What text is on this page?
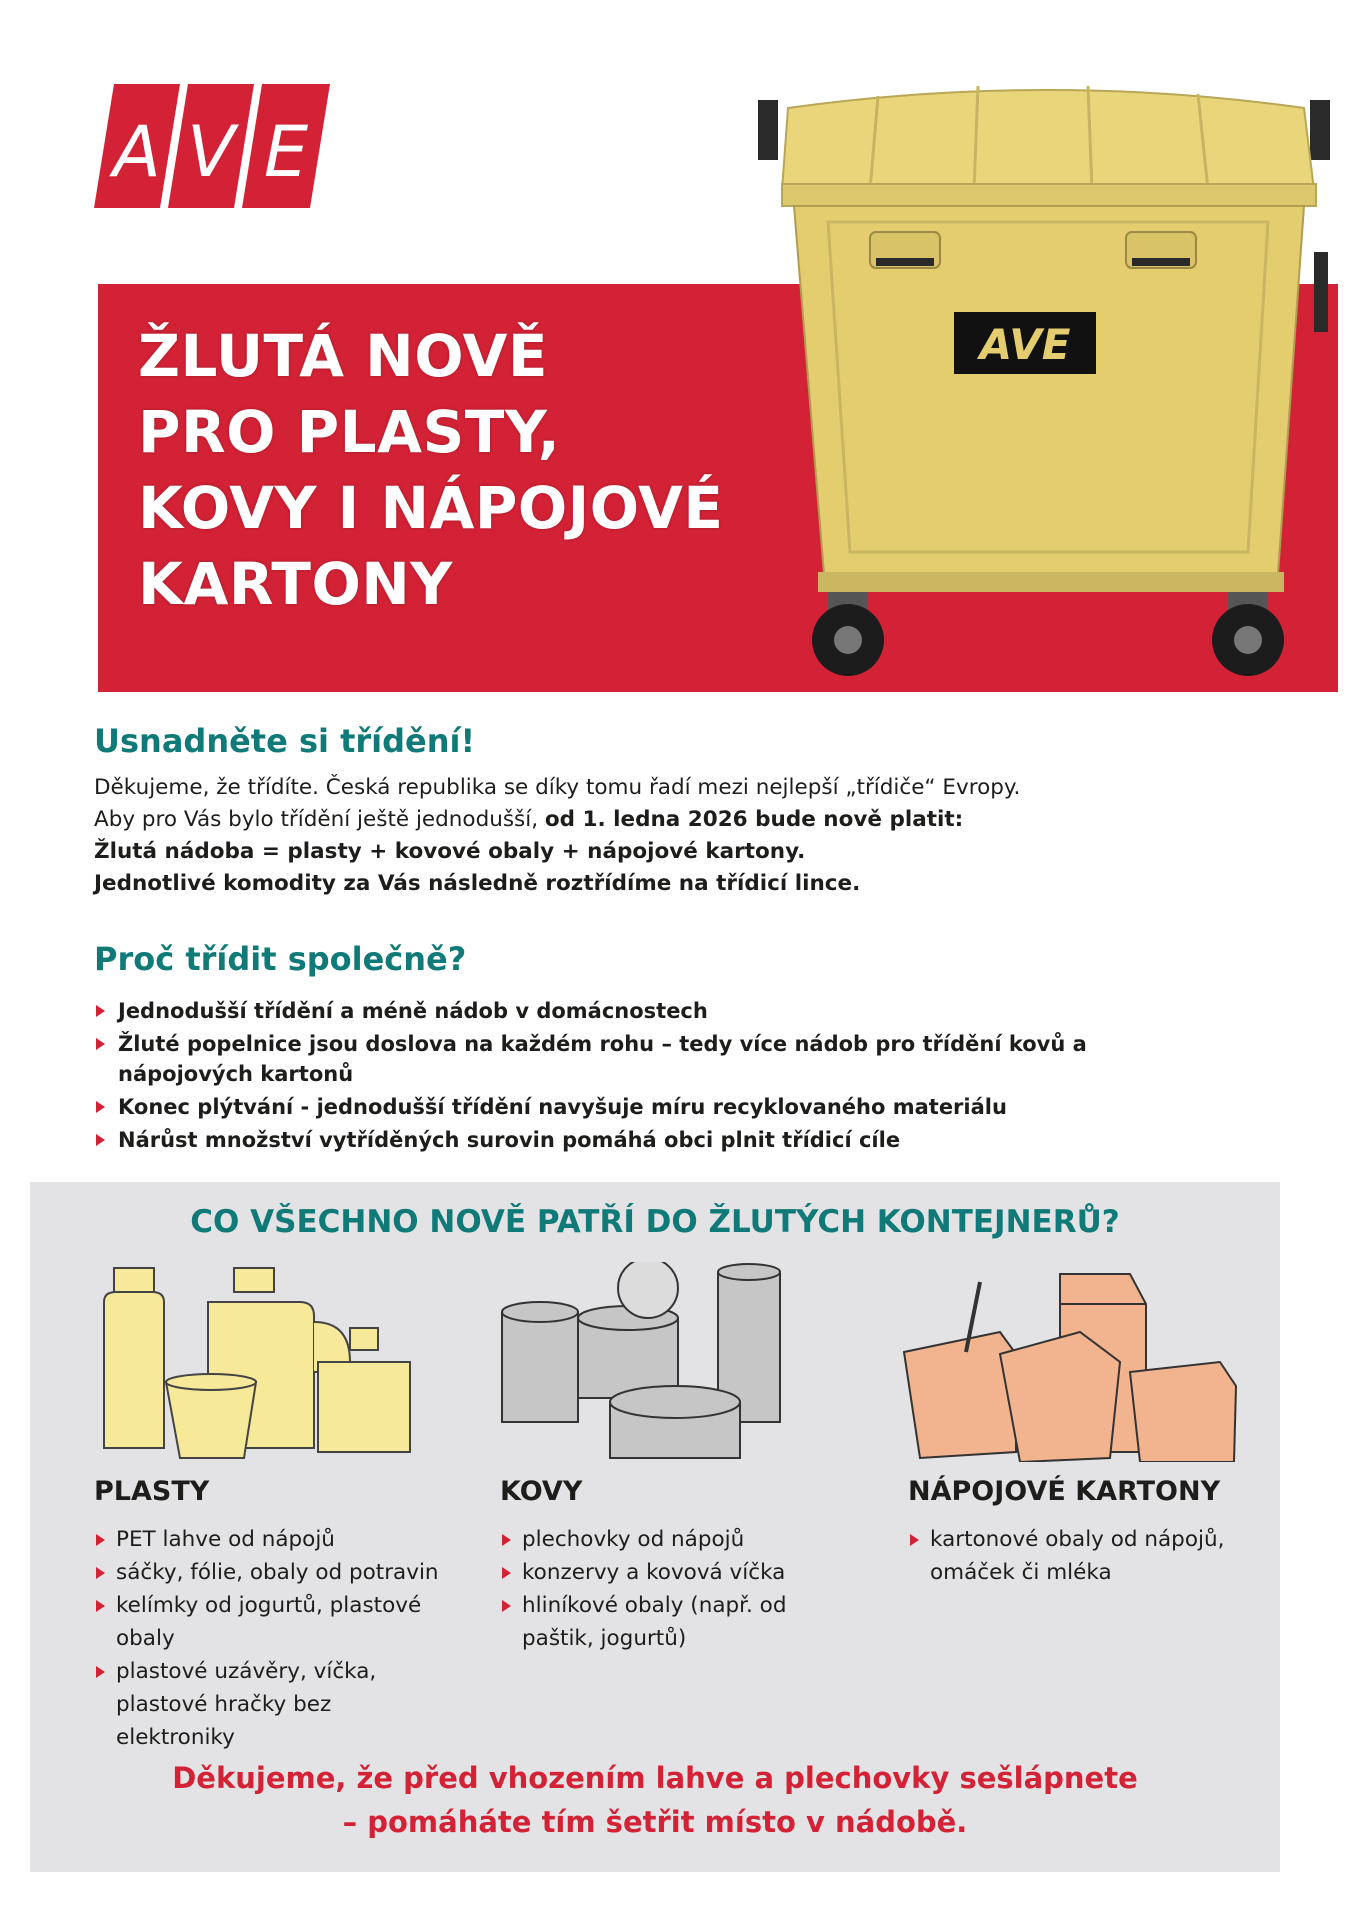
A V E
ŽLUTÁ NOVĚ
PRO PLASTY,
KOVY I NÁPOJOVÉ
KARTONY
AVE
Usnadněte si třídění!

Děkujeme, že třídíte. Česká republika se díky tomu řadí mezi nejlepší „třídiče“ Evropy.

Aby pro Vás bylo třídění ještě jednodušší, od 1. ledna 2026 bude nově platit:

Žlutá nádoba = plasty + kovové obaly + nápojové kartony.

Jednotlivé komodity za Vás následně roztřídíme na třídicí lince.

Proč třídit společně?
Jednodušší třídění a méně nádob v domácnostech
Žluté popelnice jsou doslova na každém rohu – tedy více nádob pro třídění kovů a nápojových kartonů
Konec plýtvání - jednodušší třídění navyšuje míru recyklovaného materiálu
Nárůst množství vytříděných surovin pomáhá obci plnit třídicí cíle
CO VŠECHNO NOVĚ PATŘÍ DO ŽLUTÝCH KONTEJNERŮ?
PLASTY
PET lahve od nápojů
sáčky, fólie, obaly od potravin
kelímky od jogurtů, plastové obaly
plastové uzávěry, víčka, plastové hračky bez elektroniky
KOVY
plechovky od nápojů
konzervy a kovová víčka
hliníkové obaly (např. od paštik, jogurtů)
NÁPOJOVÉ KARTONY
kartonové obaly od nápojů, omáček či mléka

Děkujeme, že před vhozením lahve a plechovky sešlápnete
– pomáháte tím šetřit místo v nádobě.
